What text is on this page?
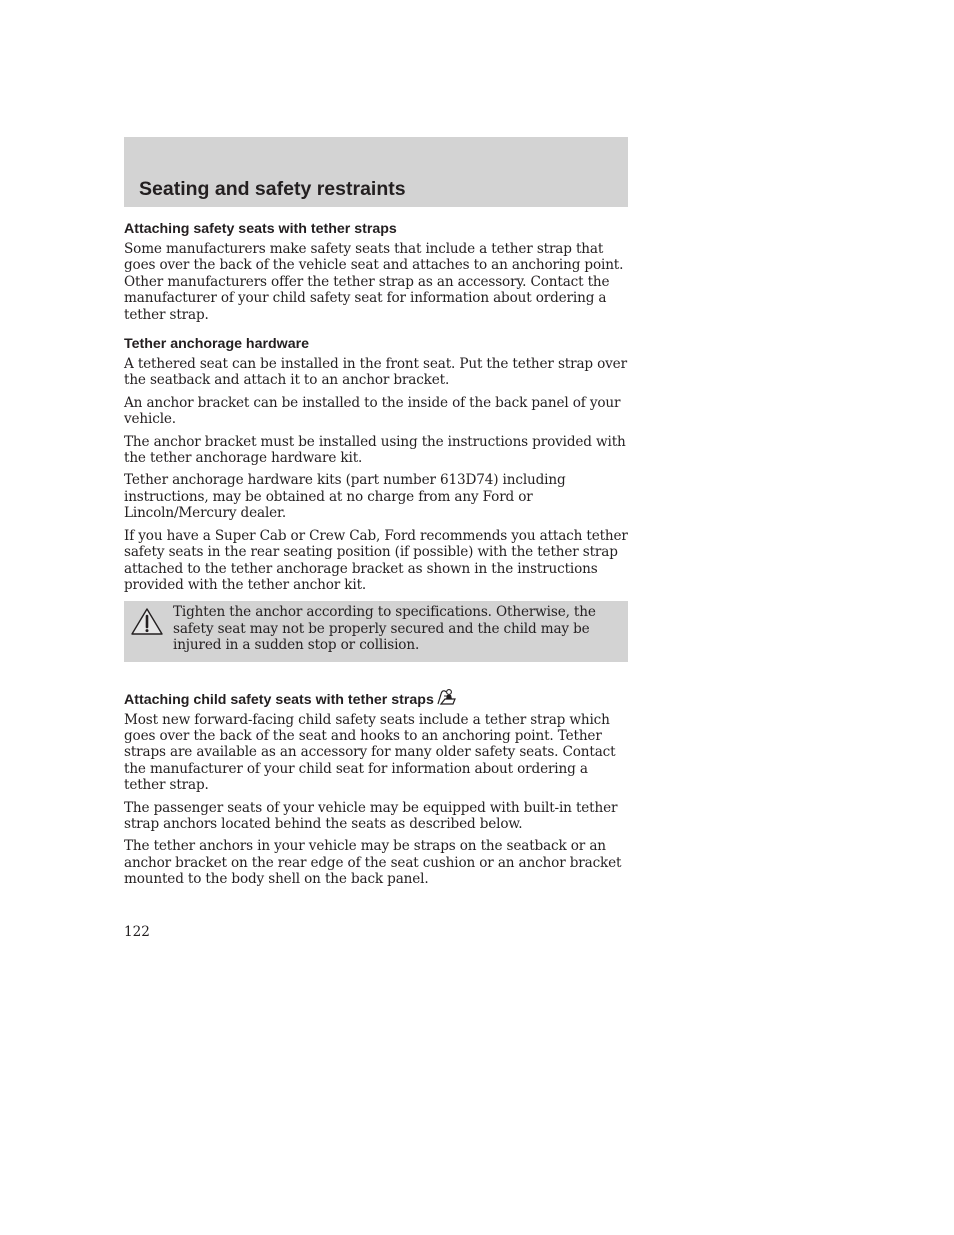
Seating and safety restraints
Attaching safety seats with tether straps

Some manufacturers make safety seats that include a tether strap that goes over the back of the vehicle seat and attaches to an anchoring point. Other manufacturers offer the tether strap as an accessory. Contact the manufacturer of your child safety seat for information about ordering a tether strap.

Tether anchorage hardware

A tethered seat can be installed in the front seat. Put the tether strap over the seatback and attach it to an anchor bracket.

An anchor bracket can be installed to the inside of the back panel of your vehicle.

The anchor bracket must be installed using the instructions provided with the tether anchorage hardware kit.

Tether anchorage hardware kits (part number 613D74) including instructions, may be obtained at no charge from any Ford or Lincoln/Mercury dealer.

If you have a Super Cab or Crew Cab, Ford recommends you attach tether safety seats in the rear seating position (if possible) with the tether strap attached to the tether anchorage bracket as shown in the instructions provided with the tether anchor kit.

Tighten the anchor according to specifications. Otherwise, the safety seat may not be properly secured and the child may be injured in a sudden stop or collision.

Attaching child safety seats with tether straps

Most new forward-facing child safety seats include a tether strap which goes over the back of the seat and hooks to an anchoring point. Tether straps are available as an accessory for many older safety seats. Contact the manufacturer of your child seat for information about ordering a tether strap.

The passenger seats of your vehicle may be equipped with built-in tether strap anchors located behind the seats as described below.

The tether anchors in your vehicle may be straps on the seatback or an anchor bracket on the rear edge of the seat cushion or an anchor bracket mounted to the body shell on the back panel.

122
